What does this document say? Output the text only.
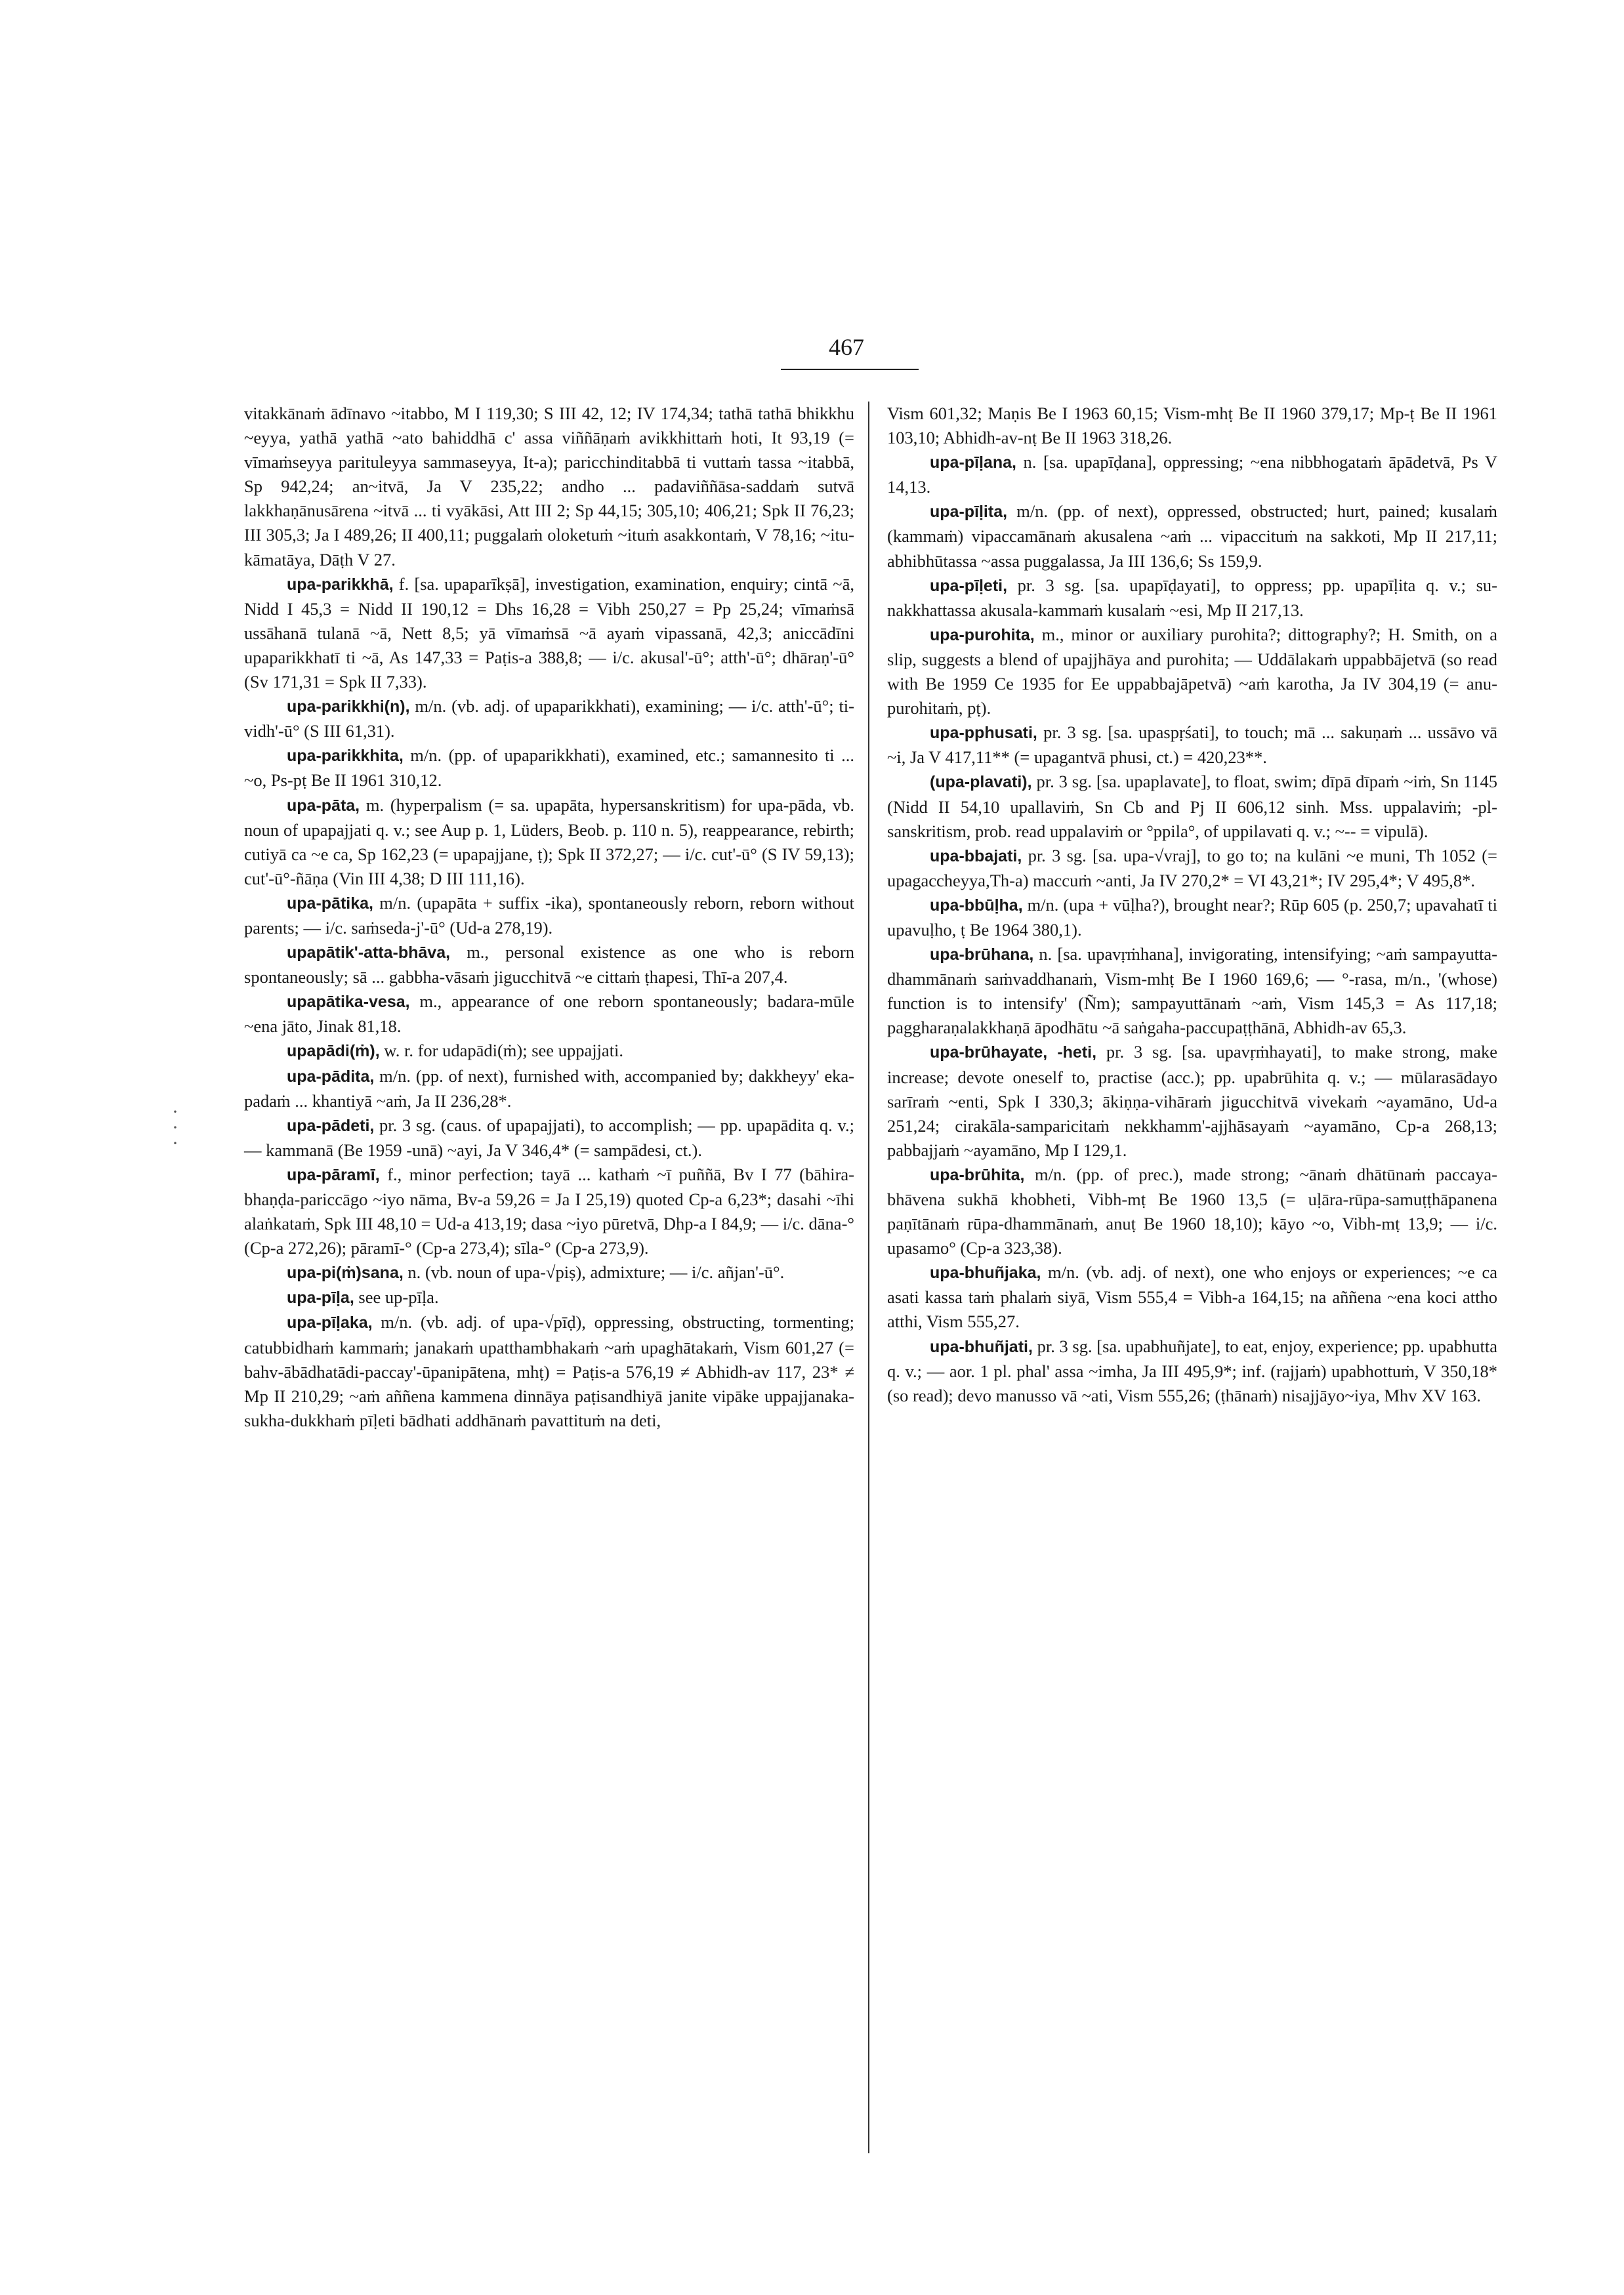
467

vitakkānaṁ ādīnavo ~itabbo, M I 119,30; S III 42, 12; IV 174,34; tathā tathā bhikkhu ~eyya, yathā yathā ~ato bahiddhā c' assa viññāṇaṁ avikkhittaṁ hoti, It 93,19 (= vīmaṁseyya parituleyya sammaseyya, It-a); paricchinditabbā ti vuttaṁ tassa ~itabbā, Sp 942,24; an~itvā, Ja V 235,22; andho ... padaviññāsa-saddaṁ sutvā lakkhaṇānusārena ~itvā ... ti vyākāsi, Att III 2; Sp 44,15; 305,10; 406,21; Spk II 76,23; III 305,3; Ja I 489,26; II 400,11; puggalaṁ oloketuṁ ~ituṁ asakkontaṁ, V 78,16; ~itu-kāmatāya, Dāṭh V 27.

upa-parikkhā, f. [sa. upaparīkṣā], investigation, examination, enquiry; cintā ~ā, Nidd I 45,3 = Nidd II 190,12 = Dhs 16,28 = Vibh 250,27 = Pp 25,24; vīmaṁsā ussāhanā tulanā ~ā, Nett 8,5; yā vīmaṁsā ~ā ayaṁ vipassanā, 42,3; aniccādīni upaparikkhatī ti ~ā, As 147,33 = Paṭis-a 388,8; — i/c. akusal'-ū°; atth'-ū°; dhāraṇ'-ū° (Sv 171,31 = Spk II 7,33).

upa-parikkhi(n), m/n. (vb. adj. of upaparikkhati), examining; — i/c. atth'-ū°; ti-vidh'-ū° (S III 61,31).

upa-parikkhita, m/n. (pp. of upaparikkhati), examined, etc.; samannesito ti ... ~o, Ps-pṭ Be II 1961 310,12.

upa-pāta, m. (hyperpalism (= sa. upapāta, hypersanskritism) for upa-pāda, vb. noun of upapajjati q. v.; see Aup p. 1, Lüders, Beob. p. 110 n. 5), reappearance, rebirth; cutiyā ca ~e ca, Sp 162,23 (= upapajjane, ṭ); Spk II 372,27; — i/c. cut'-ū° (S IV 59,13); cut'-ū°-ñāṇa (Vin III 4,38; D III 111,16).

upa-pātika, m/n. (upapāta + suffix -ika), spontaneously reborn, reborn without parents; — i/c. saṁseda-j'-ū° (Ud-a 278,19).

upapātik'-atta-bhāva, m., personal existence as one who is reborn spontaneously; sā ... gabbha-vāsaṁ jigucchitvā ~e cittaṁ ṭhapesi, Thī-a 207,4.

upapātika-vesa, m., appearance of one reborn spontaneously; badara-mūle ~ena jāto, Jinak 81,18.

upapādi(ṁ), w. r. for udapādi(ṁ); see uppajjati.

upa-pādita, m/n. (pp. of next), furnished with, accompanied by; dakkheyy' eka-padaṁ ... khantiyā ~aṁ, Ja II 236,28*.

upa-pādeti, pr. 3 sg. (caus. of upapajjati), to accomplish; — pp. upapādita q. v.; — kammanā (Be 1959 -unā) ~ayi, Ja V 346,4* (= sampādesi, ct.).

upa-pāramī, f., minor perfection; tayā ... kathaṁ ~ī puññā, Bv I 77 (bāhira-bhaṇḍa-pariccāgo ~iyo nāma, Bv-a 59,26 = Ja I 25,19) quoted Cp-a 6,23*; dasahi ~īhi alaṅkataṁ, Spk III 48,10 = Ud-a 413,19; dasa ~iyo pūretvā, Dhp-a I 84,9; — i/c. dāna-° (Cp-a 272,26); pāramī-° (Cp-a 273,4); sīla-° (Cp-a 273,9).

upa-pi(ṁ)sana, n. (vb. noun of upa-√piṣ), admixture; — i/c. añjan'-ū°.

upa-pīḷa, see up-pīḷa.

upa-pīḷaka, m/n. (vb. adj. of upa-√pīḍ), oppressing, obstructing, tormenting; catubbidhaṁ kammaṁ; janakaṁ upatthambhakaṁ ~aṁ upaghātakaṁ, Vism 601,27 (= bahv-ābādhatādi-paccay'-ūpanipātena, mhṭ) = Paṭis-a 576,19 ≠ Abhidh-av 117, 23* ≠ Mp II 210,29; ~aṁ aññena kammena dinnāya paṭisandhiyā janite vipāke uppajjanaka-sukha-dukkhaṁ pīḷeti bādhati addhānaṁ pavattituṁ na deti,

Vism 601,32; Maṇis Be I 1963 60,15; Vism-mhṭ Be II 1960 379,17; Mp-ṭ Be II 1961 103,10; Abhidh-av-nṭ Be II 1963 318,26.

upa-pīḷana, n. [sa. upapīḍana], oppressing; ~ena nibbhogataṁ āpādetvā, Ps V 14,13.

upa-pīḷita, m/n. (pp. of next), oppressed, obstructed; hurt, pained; kusalaṁ (kammaṁ) vipaccamānaṁ akusalena ~aṁ ... vipaccituṁ na sakkoti, Mp II 217,11; abhibhūtassa ~assa puggalassa, Ja III 136,6; Ss 159,9.

upa-pīḷeti, pr. 3 sg. [sa. upapīḍayati], to oppress; pp. upapīḷita q. v.; su-nakkhattassa akusala-kammaṁ kusalaṁ ~esi, Mp II 217,13.

upa-purohita, m., minor or auxiliary purohita?; dittography?; H. Smith, on a slip, suggests a blend of upajjhāya and purohita; — Uddālakaṁ uppabbājetvā (so read with Be 1959 Ce 1935 for Ee uppabbajāpetvā) ~aṁ karotha, Ja IV 304,19 (= anu-purohitaṁ, pṭ).

upa-pphusati, pr. 3 sg. [sa. upaspṛśati], to touch; mā ... sakuṇaṁ ... ussāvo vā ~i, Ja V 417,11** (= upagantvā phusi, ct.) = 420,23**.

(upa-plavati), pr. 3 sg. [sa. upaplavate], to float, swim; dīpā dīpaṁ ~iṁ, Sn 1145 (Nidd II 54,10 upallaviṁ, Sn Cb and Pj II 606,12 sinh. Mss. uppalaviṁ; -pl- sanskritism, prob. read uppalaviṁ or °ppila°, of uppilavati q. v.; ~-- = vipulā).

upa-bbajati, pr. 3 sg. [sa. upa-√vraj], to go to; na kulāni ~e muni, Th 1052 (= upagaccheyya,Th-a) maccuṁ ~anti, Ja IV 270,2* = VI 43,21*; IV 295,4*; V 495,8*.

upa-bbūḷha, m/n. (upa + vūḷha?), brought near?; Rūp 605 (p. 250,7; upavahatī ti upavuḷho, ṭ Be 1964 380,1).

upa-brūhana, n. [sa. upavṛṁhana], invigorating, intensifying; ~aṁ sampayutta-dhammānaṁ saṁvaddhanaṁ, Vism-mhṭ Be I 1960 169,6; — °-rasa, m/n., '(whose) function is to intensify' (Ñm); sampayuttānaṁ ~aṁ, Vism 145,3 = As 117,18; paggharaṇalakkhaṇā āpodhātu ~ā saṅgaha-paccupaṭṭhānā, Abhidh-av 65,3.

upa-brūhayate, -heti, pr. 3 sg. [sa. upavṛṁhayati], to make strong, make increase; devote oneself to, practise (acc.); pp. upabrūhita q. v.; — mūlarasādayo sarīraṁ ~enti, Spk I 330,3; ākiṇṇa-vihāraṁ jigucchitvā vivekaṁ ~ayamāno, Ud-a 251,24; cirakāla-samparicitaṁ nekkhamm'-ajjhāsayaṁ ~ayamāno, Cp-a 268,13; pabbajjaṁ ~ayamāno, Mp I 129,1.

upa-brūhita, m/n. (pp. of prec.), made strong; ~ānaṁ dhātūnaṁ paccaya-bhāvena sukhā khobheti, Vibh-mṭ Be 1960 13,5 (= uḷāra-rūpa-samuṭṭhāpanena paṇītānaṁ rūpa-dhammānaṁ, anuṭ Be 1960 18,10); kāyo ~o, Vibh-mṭ 13,9; — i/c. upasamo° (Cp-a 323,38).

upa-bhuñjaka, m/n. (vb. adj. of next), one who enjoys or experiences; ~e ca asati kassa taṁ phalaṁ siyā, Vism 555,4 = Vibh-a 164,15; na aññena ~ena koci attho atthi, Vism 555,27.

upa-bhuñjati, pr. 3 sg. [sa. upabhuñjate], to eat, enjoy, experience; pp. upabhutta q. v.; — aor. 1 pl. phal' assa ~imha, Ja III 495,9*; inf. (rajjaṁ) upabhottuṁ, V 350,18* (so read); devo manusso vā ~ati, Vism 555,26; (ṭhānaṁ) nisajjāyo~iya, Mhv XV 163.

·
·
·
